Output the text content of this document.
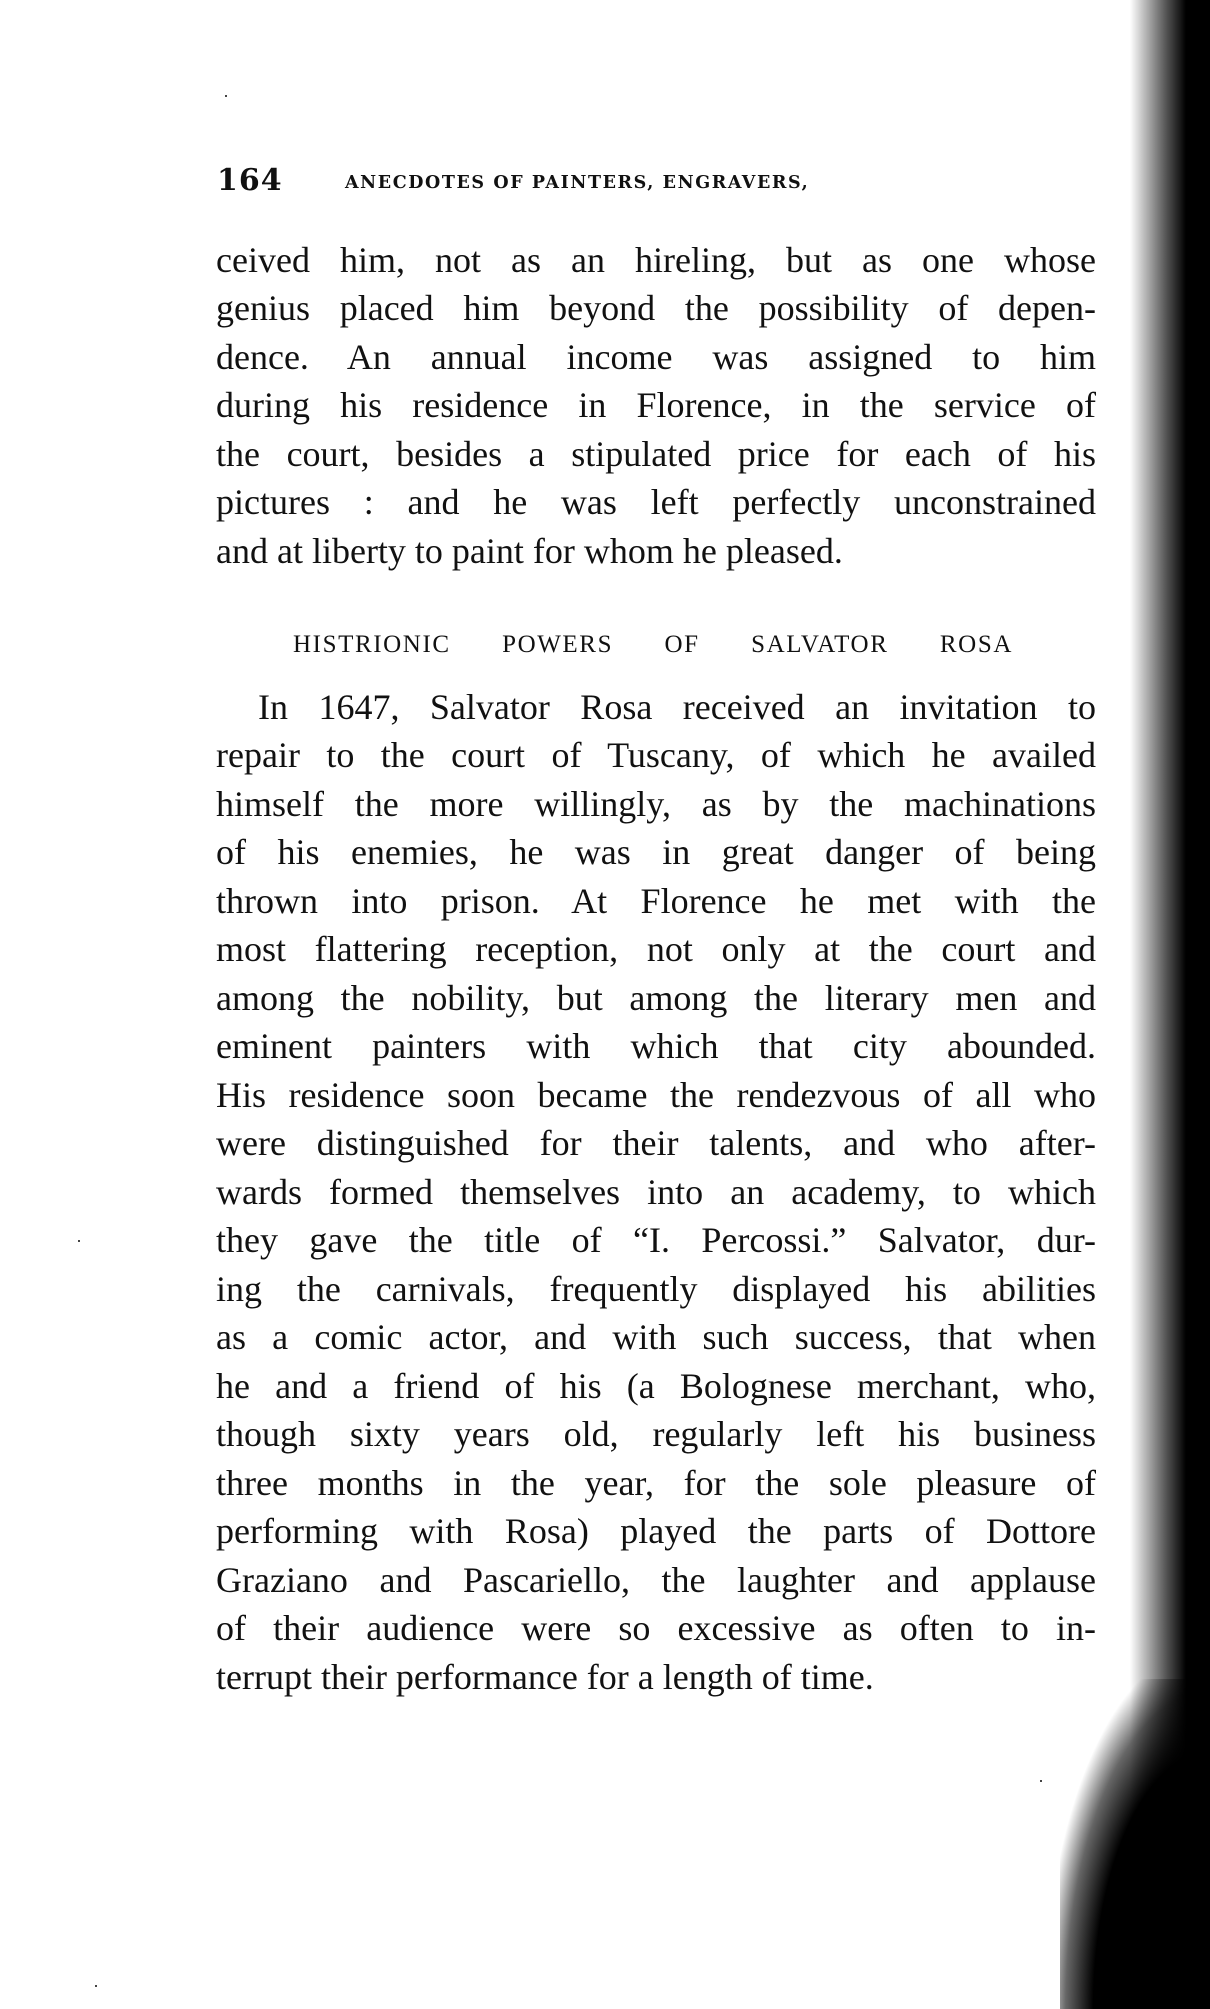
164	ANECDOTES OF PAINTERS, ENGRAVERS,
ceived him, not as an hireling, but as one whose
genius placed him beyond the possibility of depen-
dence. An annual income was assigned to him
during his residence in Florence, in the service of
the court, besides a stipulated price for each of his
pictures : and he was left perfectly unconstrained
and at liberty to paint for whom he pleased.
HISTRIONIC POWERS OF SALVATOR ROSA
In 1647, Salvator Rosa received an invitation to
repair to the court of Tuscany, of which he availed
himself the more willingly, as by the machinations
of his enemies, he was in great danger of being
thrown into prison. At Florence he met with the
most flattering reception, not only at the court and
among the nobility, but among the literary men and
eminent painters with which that city abounded.
His residence soon became the rendezvous of all who
were distinguished for their talents, and who after-
wards formed themselves into an academy, to which
they gave the title of “I. Percossi.” Salvator, dur-
ing the carnivals, frequently displayed his abilities
as a comic actor, and with such success, that when
he and a friend of his (a Bolognese merchant, who,
though sixty years old, regularly left his business
three months in the year, for the sole pleasure of
performing with Rosa) played the parts of Dottore
Graziano and Pascariello, the laughter and applause
of their audience were so excessive as often to in-
terrupt their performance for a length of time.
